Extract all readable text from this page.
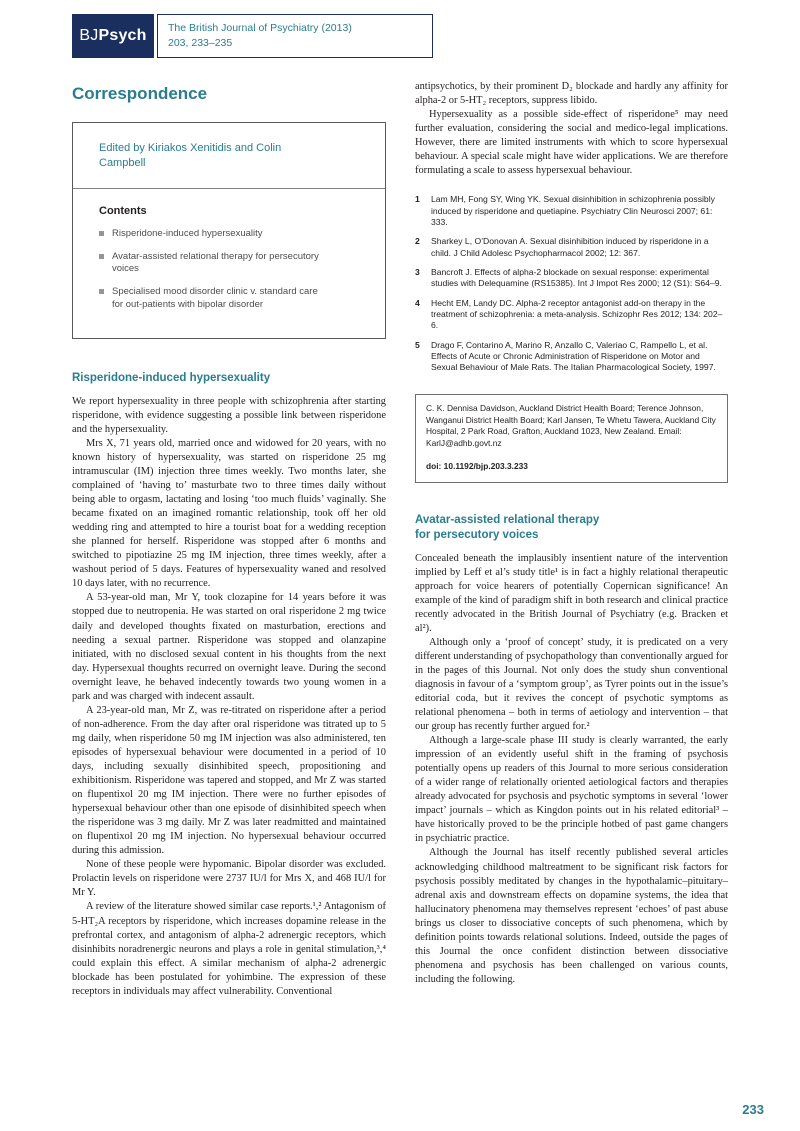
BJ Psych The British Journal of Psychiatry (2013)
203, 233–235
Correspondence
Edited by Kiriakos Xenitidis and Colin Campbell
Contents
Risperidone-induced hypersexuality
Avatar-assisted relational therapy for persecutory voices
Specialised mood disorder clinic v. standard care for out-patients with bipolar disorder
Risperidone-induced hypersexuality

We report hypersexuality in three people with schizophrenia after starting risperidone, with evidence suggesting a possible link between risperidone and the hypersexuality.

Mrs X, 71 years old, married once and widowed for 20 years, with no known history of hypersexuality, was started on risperidone 25 mg intramuscular (IM) injection three times weekly. Two months later, she complained of ‘having to’ masturbate two to three times daily without being able to orgasm, lactating and losing ‘too much fluids’ vaginally. She became fixated on an imagined romantic relationship, took off her old wedding ring and attempted to hire a tourist boat for a wedding reception she planned for herself. Risperidone was stopped after 6 months and switched to pipotiazine 25 mg IM injection, three times weekly, after a washout period of 5 days. Features of hypersexuality waned and resolved 10 days later, with no recurrence.

A 53-year-old man, Mr Y, took clozapine for 14 years before it was stopped due to neutropenia. He was started on oral risperidone 2 mg twice daily and developed thoughts fixated on masturbation, erections and needing a sexual partner. Risperidone was stopped and olanzapine initiated, with no disclosed sexual content in his thoughts from the next day. Hypersexual thoughts recurred on overnight leave. During the second overnight leave, he behaved indecently towards two young women in a park and was charged with indecent assault.

A 23-year-old man, Mr Z, was re-titrated on risperidone after a period of non-adherence. From the day after oral risperidone was titrated up to 5 mg daily, when risperidone 50 mg IM injection was also administered, ten episodes of hypersexual behaviour were documented in a period of 10 days, including sexually disinhibited speech, propositioning and exhibitionism. Risperidone was tapered and stopped, and Mr Z was started on flupentixol 20 mg IM injection. There were no further episodes of hypersexual behaviour other than one episode of disinhibited speech when the risperidone was 3 mg daily. Mr Z was later readmitted and maintained on flupentixol 20 mg IM injection. No hypersexual behaviour occurred during this admission.

None of these people were hypomanic. Bipolar disorder was excluded. Prolactin levels on risperidone were 2737 IU/l for Mrs X, and 468 IU/l for Mr Y.

A review of the literature showed similar case reports.¹,² Antagonism of 5-HT₂A receptors by risperidone, which increases dopamine release in the prefrontal cortex, and antagonism of alpha-2 adrenergic receptors, which disinhibits noradrenergic neurons and plays a role in genital stimulation,³,⁴ could explain this effect. A similar mechanism of alpha-2 adrenergic blockade has been postulated for yohimbine. The expression of these receptors in individuals may affect vulnerability. Conventional

antipsychotics, by their prominent D₂ blockade and hardly any affinity for alpha-2 or 5-HT₂ receptors, suppress libido.

Hypersexuality as a possible side-effect of risperidone⁵ may need further evaluation, considering the social and medico-legal implications. However, there are limited instruments with which to score hypersexual behaviour. A special scale might have wider applications. We are therefore formulating a scale to assess hypersexual behaviour.

1	Lam MH, Fong SY, Wing YK. Sexual disinhibition in schizophrenia possibly induced by risperidone and quetiapine. Psychiatry Clin Neurosci 2007; 61: 333.
2	Sharkey L, O’Donovan A. Sexual disinhibition induced by risperidone in a child. J Child Adolesc Psychopharmacol 2002; 12: 367.
3	Bancroft J. Effects of alpha-2 blockade on sexual response: experimental studies with Delequamine (RS15385). Int J Impot Res 2000; 12 (S1): S64–9.
4	Hecht EM, Landy DC. Alpha-2 receptor antagonist add-on therapy in the treatment of schizophrenia: a meta-analysis. Schizophr Res 2012; 134: 202–6.
5	Drago F, Contarino A, Marino R, Anzallo C, Valeriao C, Rampello L, et al. Effects of Acute or Chronic Administration of Risperidone on Motor and Sexual Behaviour of Male Rats. The Italian Pharmacological Society, 1997.

C. K. Dennisa Davidson, Auckland District Health Board; Terence Johnson, Wanganui District Health Board; Karl Jansen, Te Whetu Tawera, Auckland City Hospital, 2 Park Road, Grafton, Auckland 1023, New Zealand. Email: KarlJ@adhb.govt.nz

doi: 10.1192/bjp.203.3.233

Avatar-assisted relational therapy for persecutory voices

Concealed beneath the implausibly insentient nature of the intervention implied by Leff et al’s study title¹ is in fact a highly relational therapeutic approach for voice hearers of potentially Copernican significance! An example of the kind of paradigm shift in both research and clinical practice recently advocated in the British Journal of Psychiatry (e.g. Bracken et al²).

Although only a ‘proof of concept’ study, it is predicated on a very different understanding of psychopathology than conventionally argued for in the pages of this Journal. Not only does the study shun conventional diagnosis in favour of a ‘symptom group’, as Tyrer points out in the issue’s editorial coda, but it revives the concept of psychotic symptoms as relational phenomena – both in terms of aetiology and intervention – that our group has recently further argued for.²

Although a large-scale phase III study is clearly warranted, the early impression of an evidently useful shift in the framing of psychosis potentially opens up readers of this Journal to more serious consideration of a wider range of relationally oriented aetiological factors and therapies already advocated for psychosis and psychotic symptoms in several ‘lower impact’ journals – which as Kingdon points out in his related editorial³ – have historically proved to be the principle hotbed of past game changers in psychiatric practice.

Although the Journal has itself recently published several articles acknowledging childhood maltreatment to be significant risk factors for psychosis possibly meditated by changes in the hypothalamic–pituitary–adrenal axis and downstream effects on dopamine systems, the idea that hallucinatory phenomena may themselves represent ‘echoes’ of past abuse brings us closer to dissociative concepts of such phenomena, which by definition points towards relational solutions. Indeed, outside the pages of this Journal the once confident distinction between dissociative phenomena and psychosis has been challenged on various counts, including the following.

233
